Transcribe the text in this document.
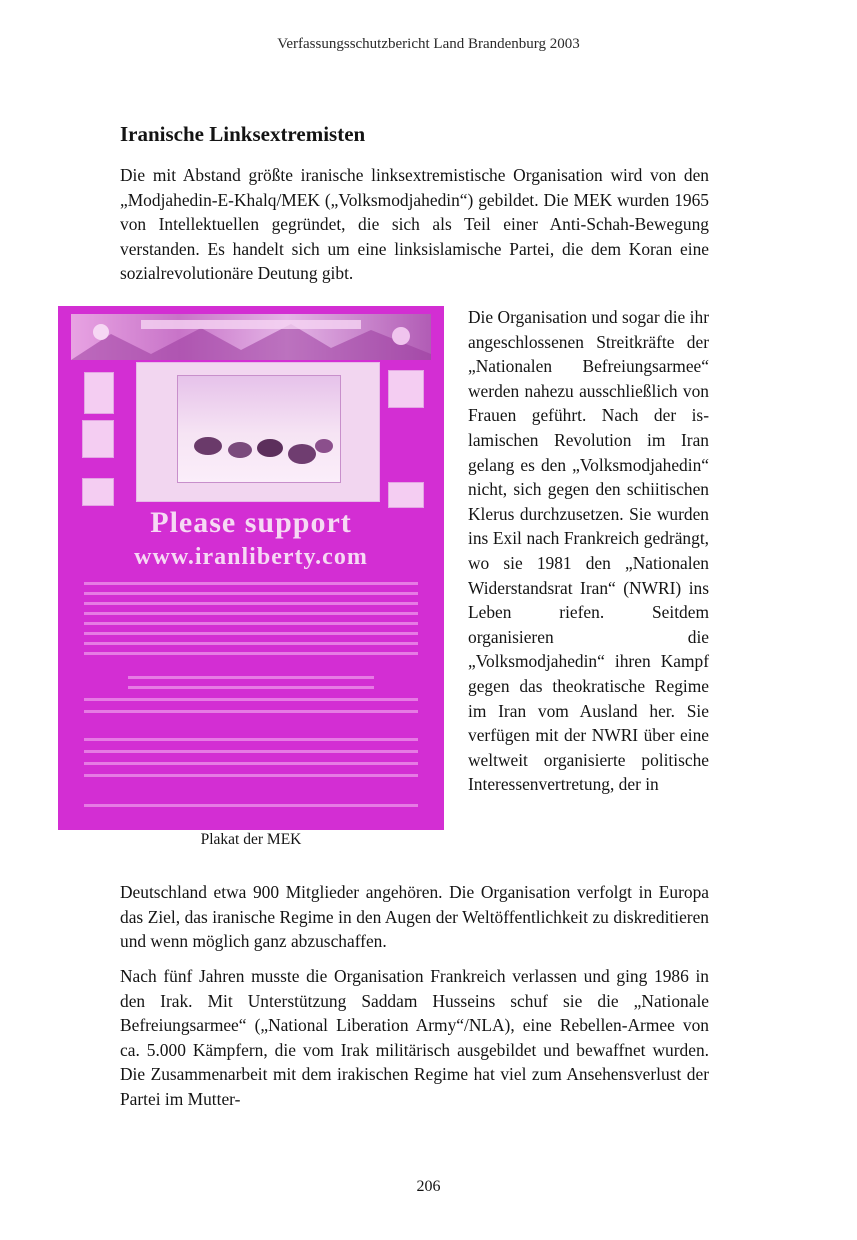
Verfassungsschutzbericht Land Brandenburg 2003
Iranische Linksextremisten

Die mit Abstand größte iranische linksextremistische Organisation wird von den „Modjahedin-E-Khalq/MEK („Volksmodjahedin“) gebildet. Die MEK wurden 1965 von Intellektuellen gegründet, die sich als Teil einer Anti-Schah-Bewegung verstanden. Es handelt sich um eine linksislamische Partei, die dem Koran eine sozialrevolutionäre Deutung gibt.

Please support
www.iranliberty.com
Plakat der MEK

Die Organisation und sogar die ihr angeschlossenen Streitkräfte der „Nationalen Befreiungsarmee“ werden nahezu ausschließlich von Frauen geführt. Nach der islamischen Revolution im Iran gelang es den „Volksmodjahedin“ nicht, sich gegen den schiitischen Klerus durchzusetzen. Sie wurden ins Exil nach Frankreich gedrängt, wo sie 1981 den „Nationalen Widerstandsrat Iran“ (NWRI) ins Leben riefen. Seitdem organisieren die „Volksmodjahedin“ ihren Kampf gegen das theokratische Regime im Iran vom Ausland her. Sie verfügen mit der NWRI über eine weltweit organisierte politische Interessenvertretung, der in

Deutschland etwa 900 Mitglieder angehören. Die Organisation verfolgt in Europa das Ziel, das iranische Regime in den Augen der Weltöffentlichkeit zu diskreditieren und wenn möglich ganz abzuschaffen.

Nach fünf Jahren musste die Organisation Frankreich verlassen und ging 1986 in den Irak. Mit Unterstützung Saddam Husseins schuf sie die „Nationale Befreiungsarmee“ („National Liberation Army“/NLA), eine Rebellen-Armee von ca. 5.000 Kämpfern, die vom Irak militärisch ausgebildet und bewaffnet wurden. Die Zusammenarbeit mit dem irakischen Regime hat viel zum Ansehensverlust der Partei im Mutter-

206
